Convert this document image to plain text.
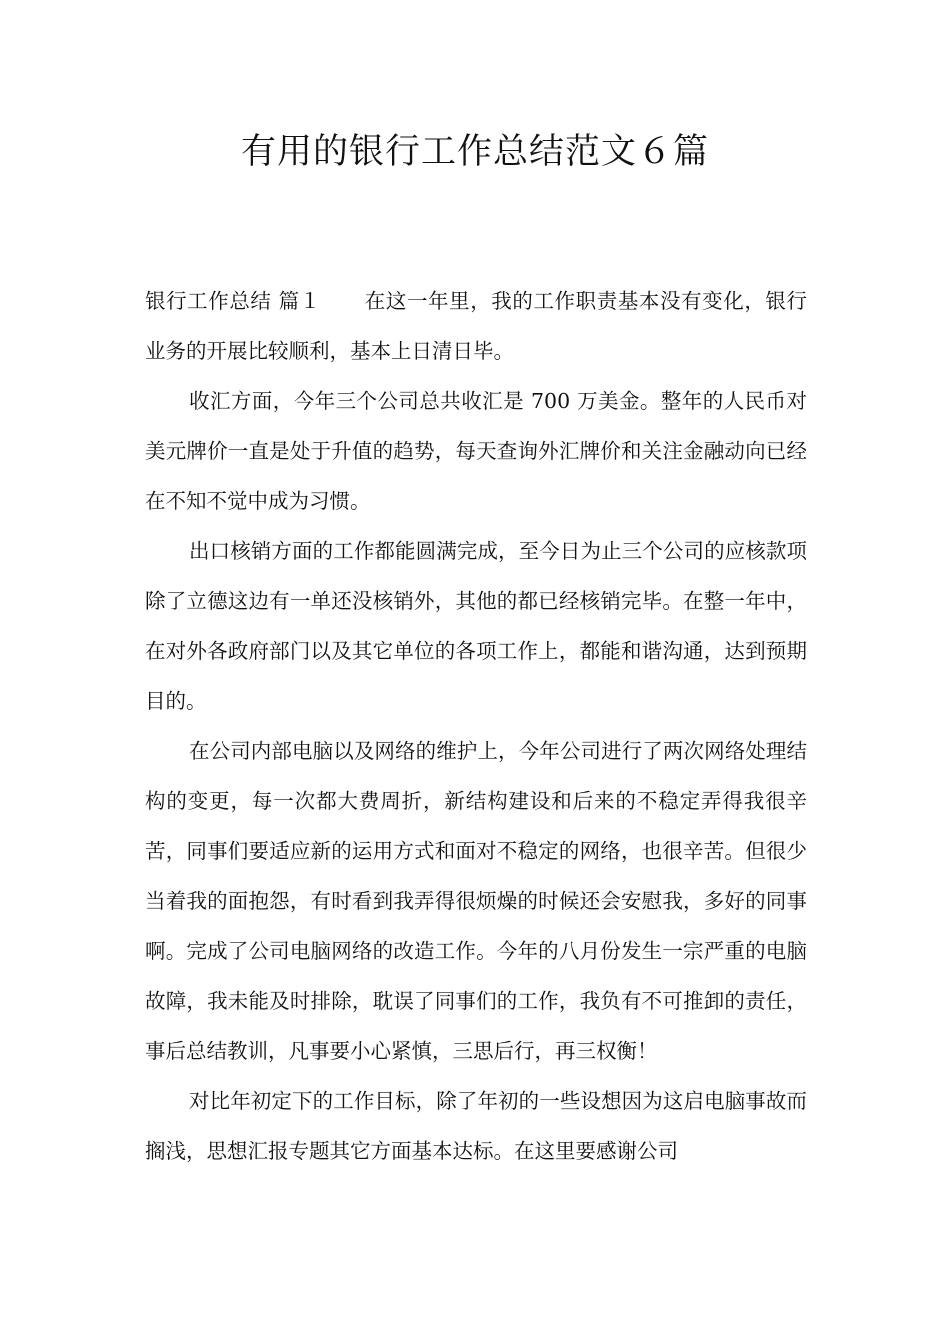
有用的银行工作总结范文６篇

银行工作总结 篇１ 在这一年里，我的工作职责基本没有变化，银行业务的开展比较顺利，基本上日清日毕。

收汇方面，今年三个公司总共收汇是 700 万美金。整年的人民币对美元牌价一直是处于升值的趋势，每天查询外汇牌价和关注金融动向已经在不知不觉中成为习惯。

出口核销方面的工作都能圆满完成，至今日为止三个公司的应核款项除了立德这边有一单还没核销外，其他的都已经核销完毕。在整一年中，在对外各政府部门以及其它单位的各项工作上，都能和谐沟通，达到预期目的。

在公司内部电脑以及网络的维护上，今年公司进行了两次网络处理结构的变更，每一次都大费周折，新结构建设和后来的不稳定弄得我很辛苦，同事们要适应新的运用方式和面对不稳定的网络，也很辛苦。但很少当着我的面抱怨，有时看到我弄得很烦燥的时候还会安慰我，多好的同事啊。完成了公司电脑网络的改造工作。今年的八月份发生一宗严重的电脑故障，我未能及时排除，耽误了同事们的工作，我负有不可推卸的责任，事后总结教训，凡事要小心紧慎，三思后行，再三权衡！

对比年初定下的工作目标，除了年初的一些设想因为这启电脑事故而搁浅，思想汇报专题其它方面基本达标。在这里要感谢公司
